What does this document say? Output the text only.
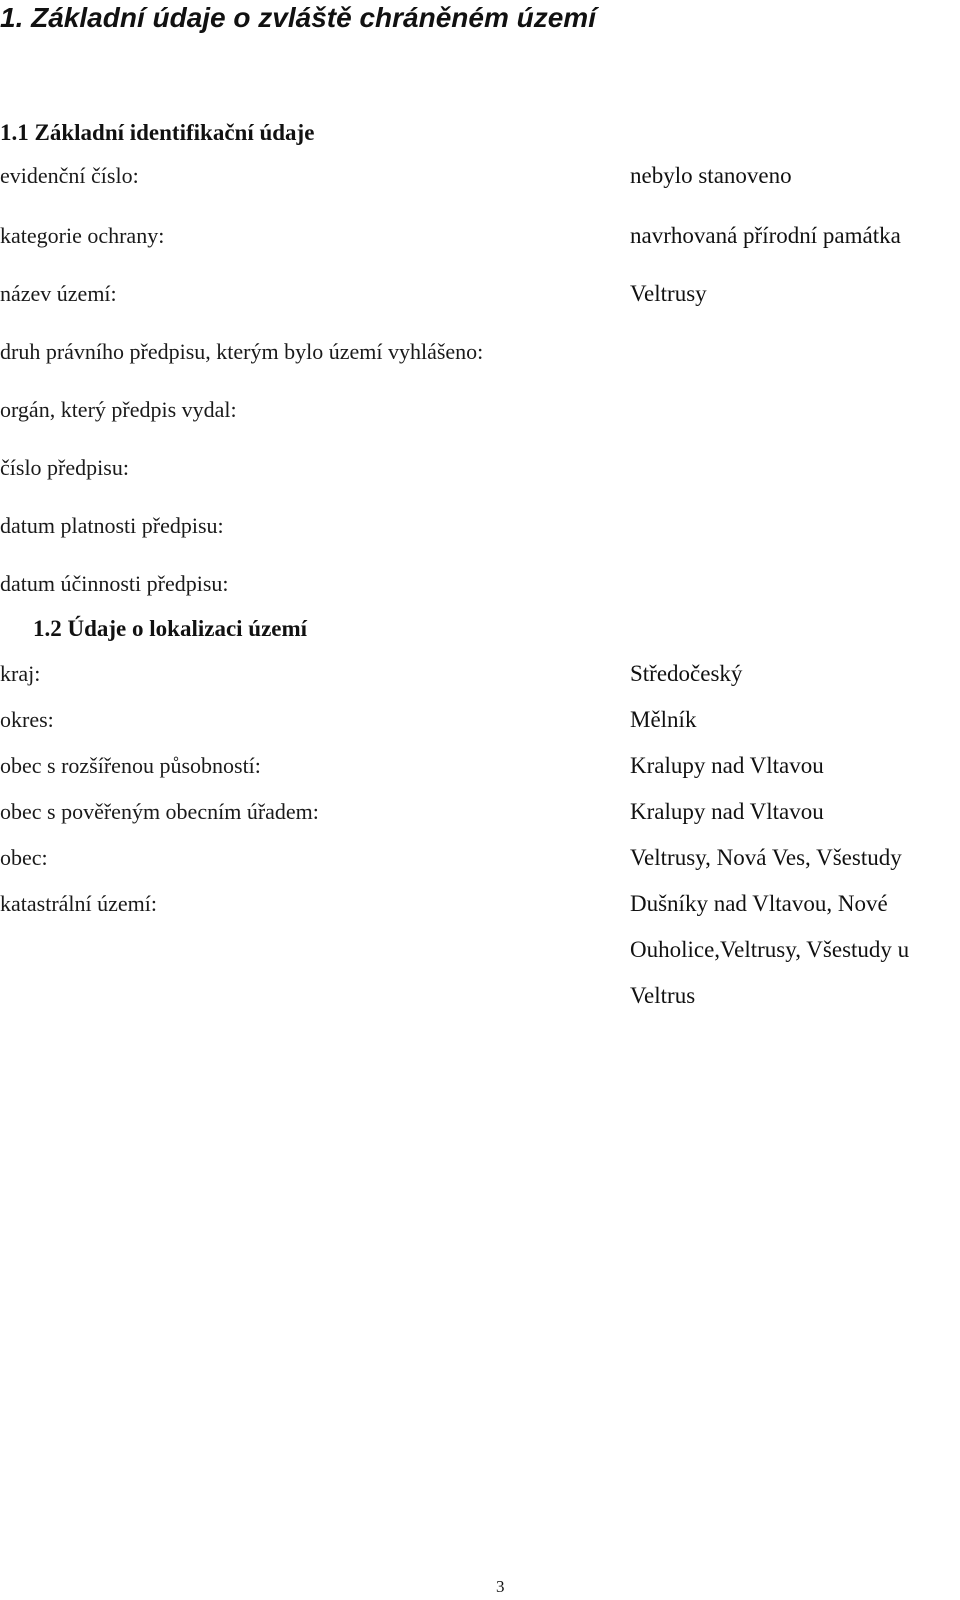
1. Základní údaje o zvláště chráněném území
1.1 Základní identifikační údaje
evidenční číslo:	nebylo stanoveno
kategorie ochrany:	navrhovaná přírodní památka
název území:	Veltrusy
druh právního předpisu, kterým bylo území vyhlášeno:
orgán, který předpis vydal:
číslo předpisu:
datum platnosti předpisu:
datum účinnosti předpisu:
1.2 Údaje o lokalizaci území
kraj:	Středočeský
okres:	Mělník
obec s rozšířenou působností:	Kralupy nad Vltavou
obec s pověřeným obecním úřadem:	Kralupy nad Vltavou
obec:	Veltrusy, Nová Ves, Všestudy
katastrální území:	Dušníky nad Vltavou, Nové
Ouholice,Veltrusy, Všestudy u
Veltrus
3
